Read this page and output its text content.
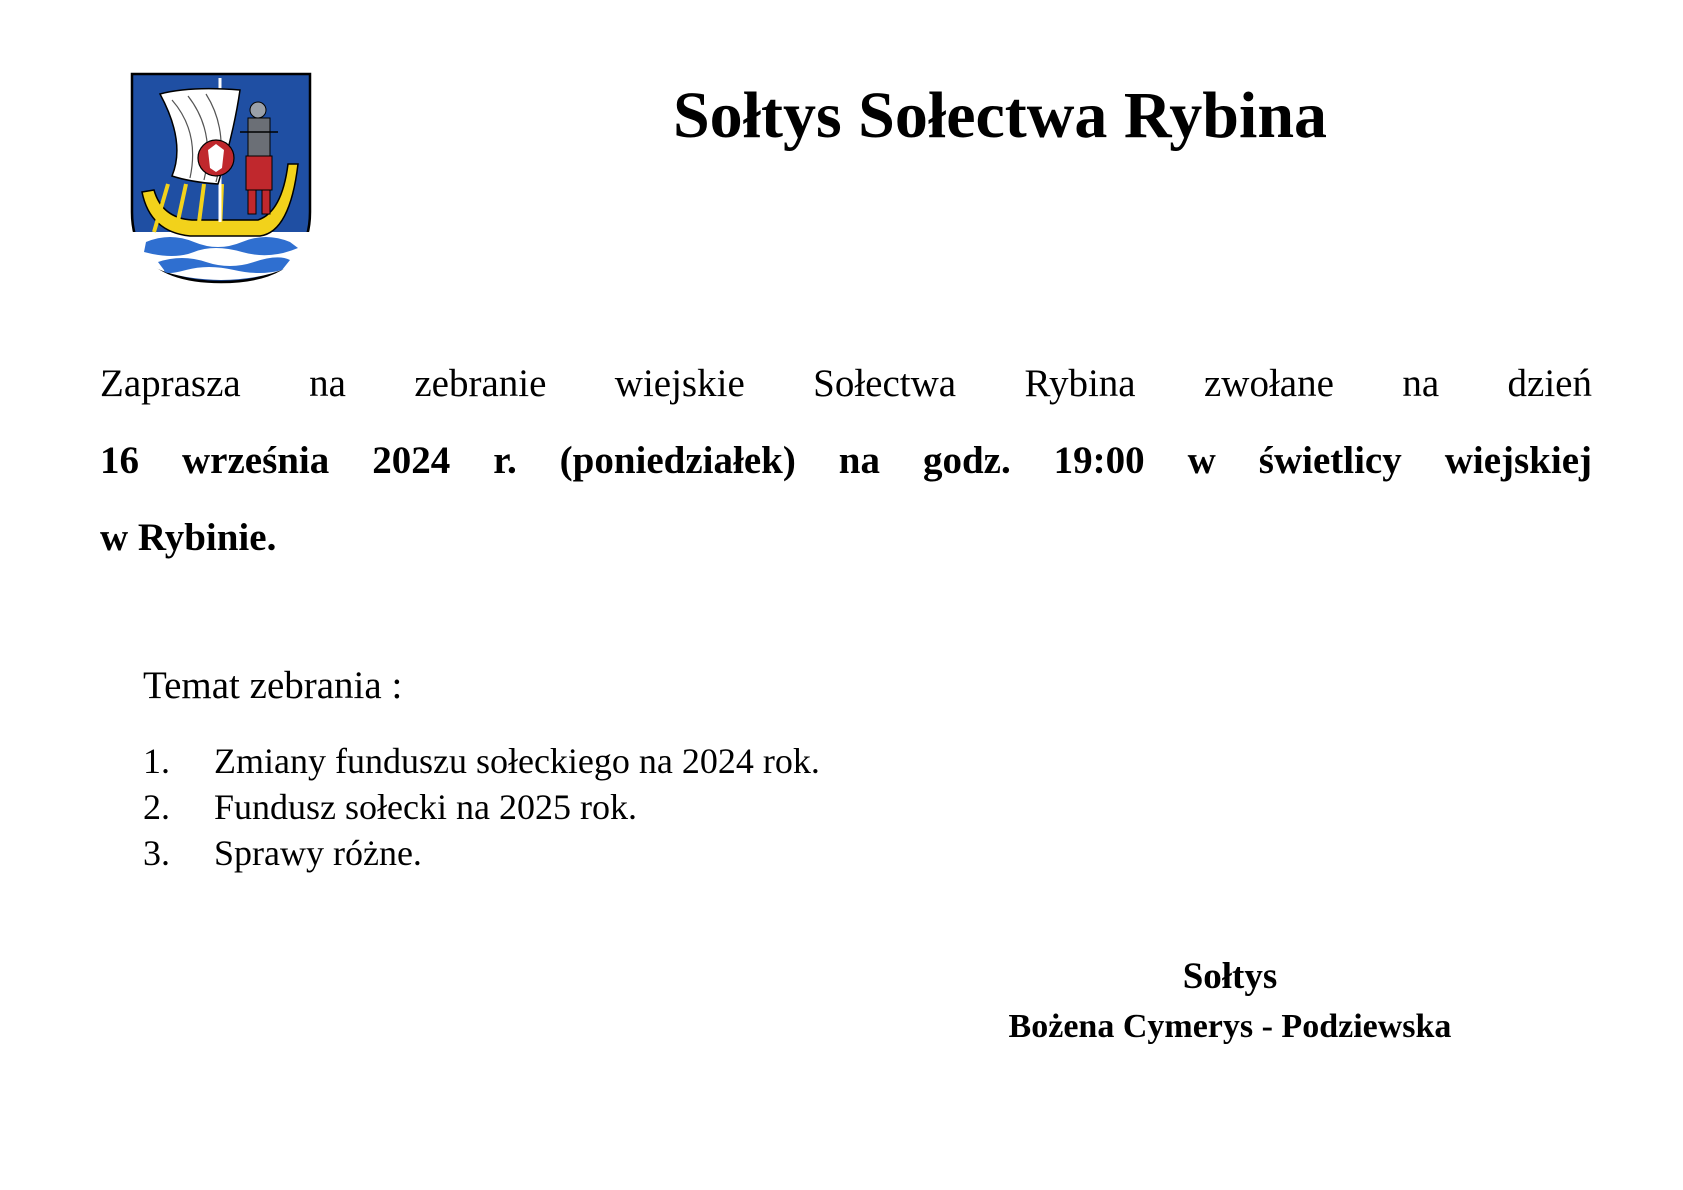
Sołtys Sołectwa Rybina
Zaprasza na zebranie wiejskie Sołectwa Rybina zwołane na dzień
16 września 2024 r. (poniedziałek) na godz. 19:00 w świetlicy wiejskiej
w Rybinie.
Temat zebrania :
1.	Zmiany funduszu sołeckiego na 2024 rok.
2.	Fundusz sołecki na 2025 rok.
3.	Sprawy różne.
Sołtys
Bożena Cymerys - Podziewska
